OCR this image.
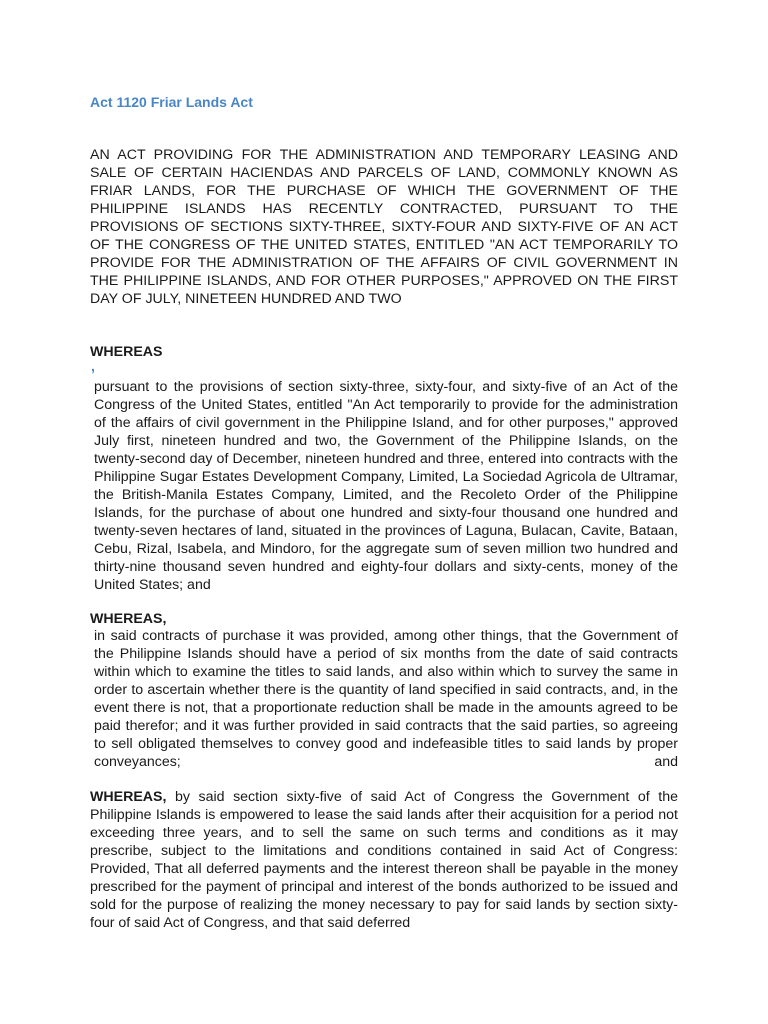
Act 1120 Friar Lands Act

AN ACT PROVIDING FOR THE ADMINISTRATION AND TEMPORARY LEASING AND SALE OF CERTAIN HACIENDAS AND PARCELS OF LAND, COMMONLY KNOWN AS FRIAR LANDS, FOR THE PURCHASE OF WHICH THE GOVERNMENT OF THE PHILIPPINE ISLANDS HAS RECENTLY CONTRACTED, PURSUANT TO THE PROVISIONS OF SECTIONS SIXTY-THREE, SIXTY-FOUR AND SIXTY-FIVE OF AN ACT OF THE CONGRESS OF THE UNITED STATES, ENTITLED "AN ACT TEMPORARILY TO PROVIDE FOR THE ADMINISTRATION OF THE AFFAIRS OF CIVIL GOVERNMENT IN THE PHILIPPINE ISLANDS, AND FOR OTHER PURPOSES," APPROVED ON THE FIRST DAY OF JULY, NINETEEN HUNDRED AND TWO

WHEREAS

,

pursuant to the provisions of section sixty-three, sixty-four, and sixty-five of an Act of the Congress of the United States, entitled "An Act temporarily to provide for the administration of the affairs of civil government in the Philippine Island, and for other purposes," approved July first, nineteen hundred and two, the Government of the Philippine Islands, on the twenty-second day of December, nineteen hundred and three, entered into contracts with the Philippine Sugar Estates Development Company, Limited, La Sociedad Agricola de Ultramar, the British-Manila Estates Company, Limited, and the Recoleto Order of the Philippine Islands, for the purchase of about one hundred and sixty-four thousand one hundred and twenty-seven hectares of land, situated in the provinces of Laguna, Bulacan, Cavite, Bataan, Cebu, Rizal, Isabela, and Mindoro, for the aggregate sum of seven million two hundred and thirty-nine thousand seven hundred and eighty-four dollars and sixty-cents, money of the United States; and

WHEREAS,

in said contracts of purchase it was provided, among other things, that the Government of the Philippine Islands should have a period of six months from the date of said contracts within which to examine the titles to said lands, and also within which to survey the same in order to ascertain whether there is the quantity of land specified in said contracts, and, in the event there is not, that a proportionate reduction shall be made in the amounts agreed to be paid therefor; and it was further provided in said contracts that the said parties, so agreeing to sell obligated themselves to convey good and indefeasible titles to said lands by proper conveyances; and

WHEREAS, by said section sixty-five of said Act of Congress the Government of the Philippine Islands is empowered to lease the said lands after their acquisition for a period not exceeding three years, and to sell the same on such terms and conditions as it may prescribe, subject to the limitations and conditions contained in said Act of Congress: Provided, That all deferred payments and the interest thereon shall be payable in the money prescribed for the payment of principal and interest of the bonds authorized to be issued and sold for the purpose of realizing the money necessary to pay for said lands by section sixty-four of said Act of Congress, and that said deferred
